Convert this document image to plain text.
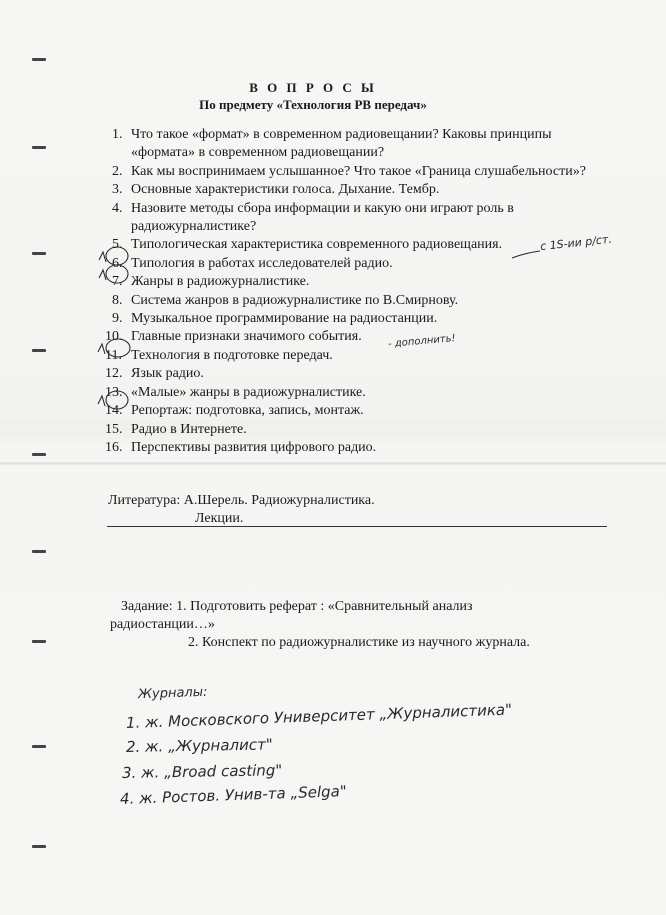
В О П Р О С Ы
По предмету «Технология РВ передач»
1. Что такое «формат» в современном радиовещании? Каковы принципы «формата» в современном радиовещании?
2. Как мы воспринимаем услышанное? Что такое «Граница слушабельности»?
3. Основные характеристики голоса. Дыхание. Тембр.
4. Назовите методы сбора информации и какую они играют роль в радиожурналистике?
5. Типологическая характеристика современного радиовещания.
6. Типология в работах исследователей радио.
7. Жанры в радиожурналистике.
8. Система жанров в радиожурналистике по В.Смирнову.
9. Музыкальное программирование на радиостанции.
10. Главные признаки значимого события.
11. Технология в подготовке передач.
12. Язык радио.
13. «Малые» жанры в радиожурналистике.
14. Репортаж: подготовка, запись, монтаж.
15. Радио в Интернете.
16. Перспективы развития цифрового радио.
Литература: А.Шерель. Радиожурналистика.
Лекции.
Задание: 1. Подготовить реферат : «Сравнительный анализ
радиостанции…»
2. Конспект по радиожурналистике из научного журнала.
с 1S-ии р/ст.
- дополнить!
Журналы:
1. ж. Московского Университет „Журналистика"
2. ж. „Журналист"
3. ж. „Broad casting"
4. ж. Ростов. Унив-та „Selga"
